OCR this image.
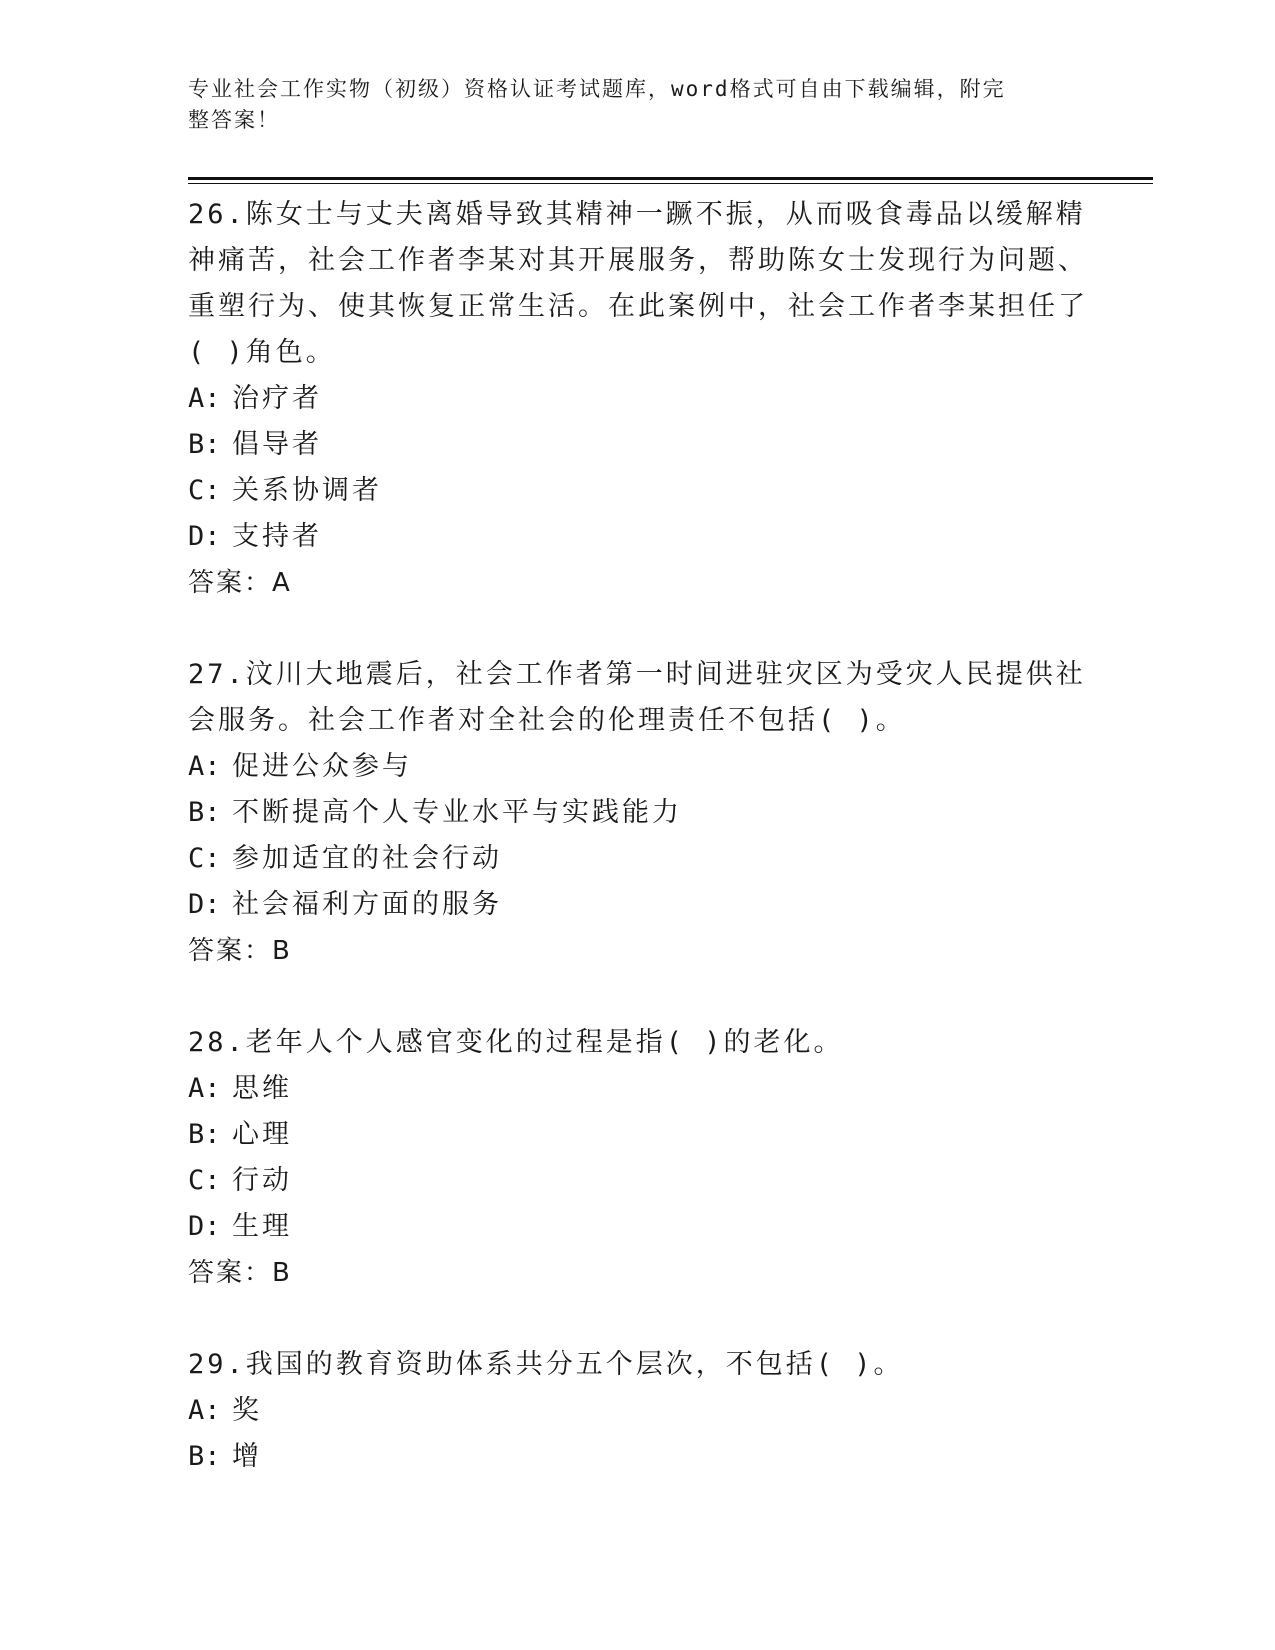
专业社会工作实物（初级）资格认证考试题库，word格式可自由下载编辑，附完
整答案！

26.陈女士与丈夫离婚导致其精神一蹶不振，从而吸食毒品以缓解精神痛苦，社会工作者李某对其开展服务，帮助陈女士发现行为问题、重塑行为、使其恢复正常生活。在此案例中，社会工作者李某担任了( )角色。

A: 治疗者
B: 倡导者
C: 关系协调者
D: 支持者

答案：A

27.汶川大地震后，社会工作者第一时间进驻灾区为受灾人民提供社会服务。社会工作者对全社会的伦理责任不包括( )。

A: 促进公众参与
B: 不断提高个人专业水平与实践能力
C: 参加适宜的社会行动
D: 社会福利方面的服务

答案：B

28.老年人个人感官变化的过程是指( )的老化。

A: 思维
B: 心理
C: 行动
D: 生理

答案：B

29.我国的教育资助体系共分五个层次，不包括( )。

A: 奖
B: 增
